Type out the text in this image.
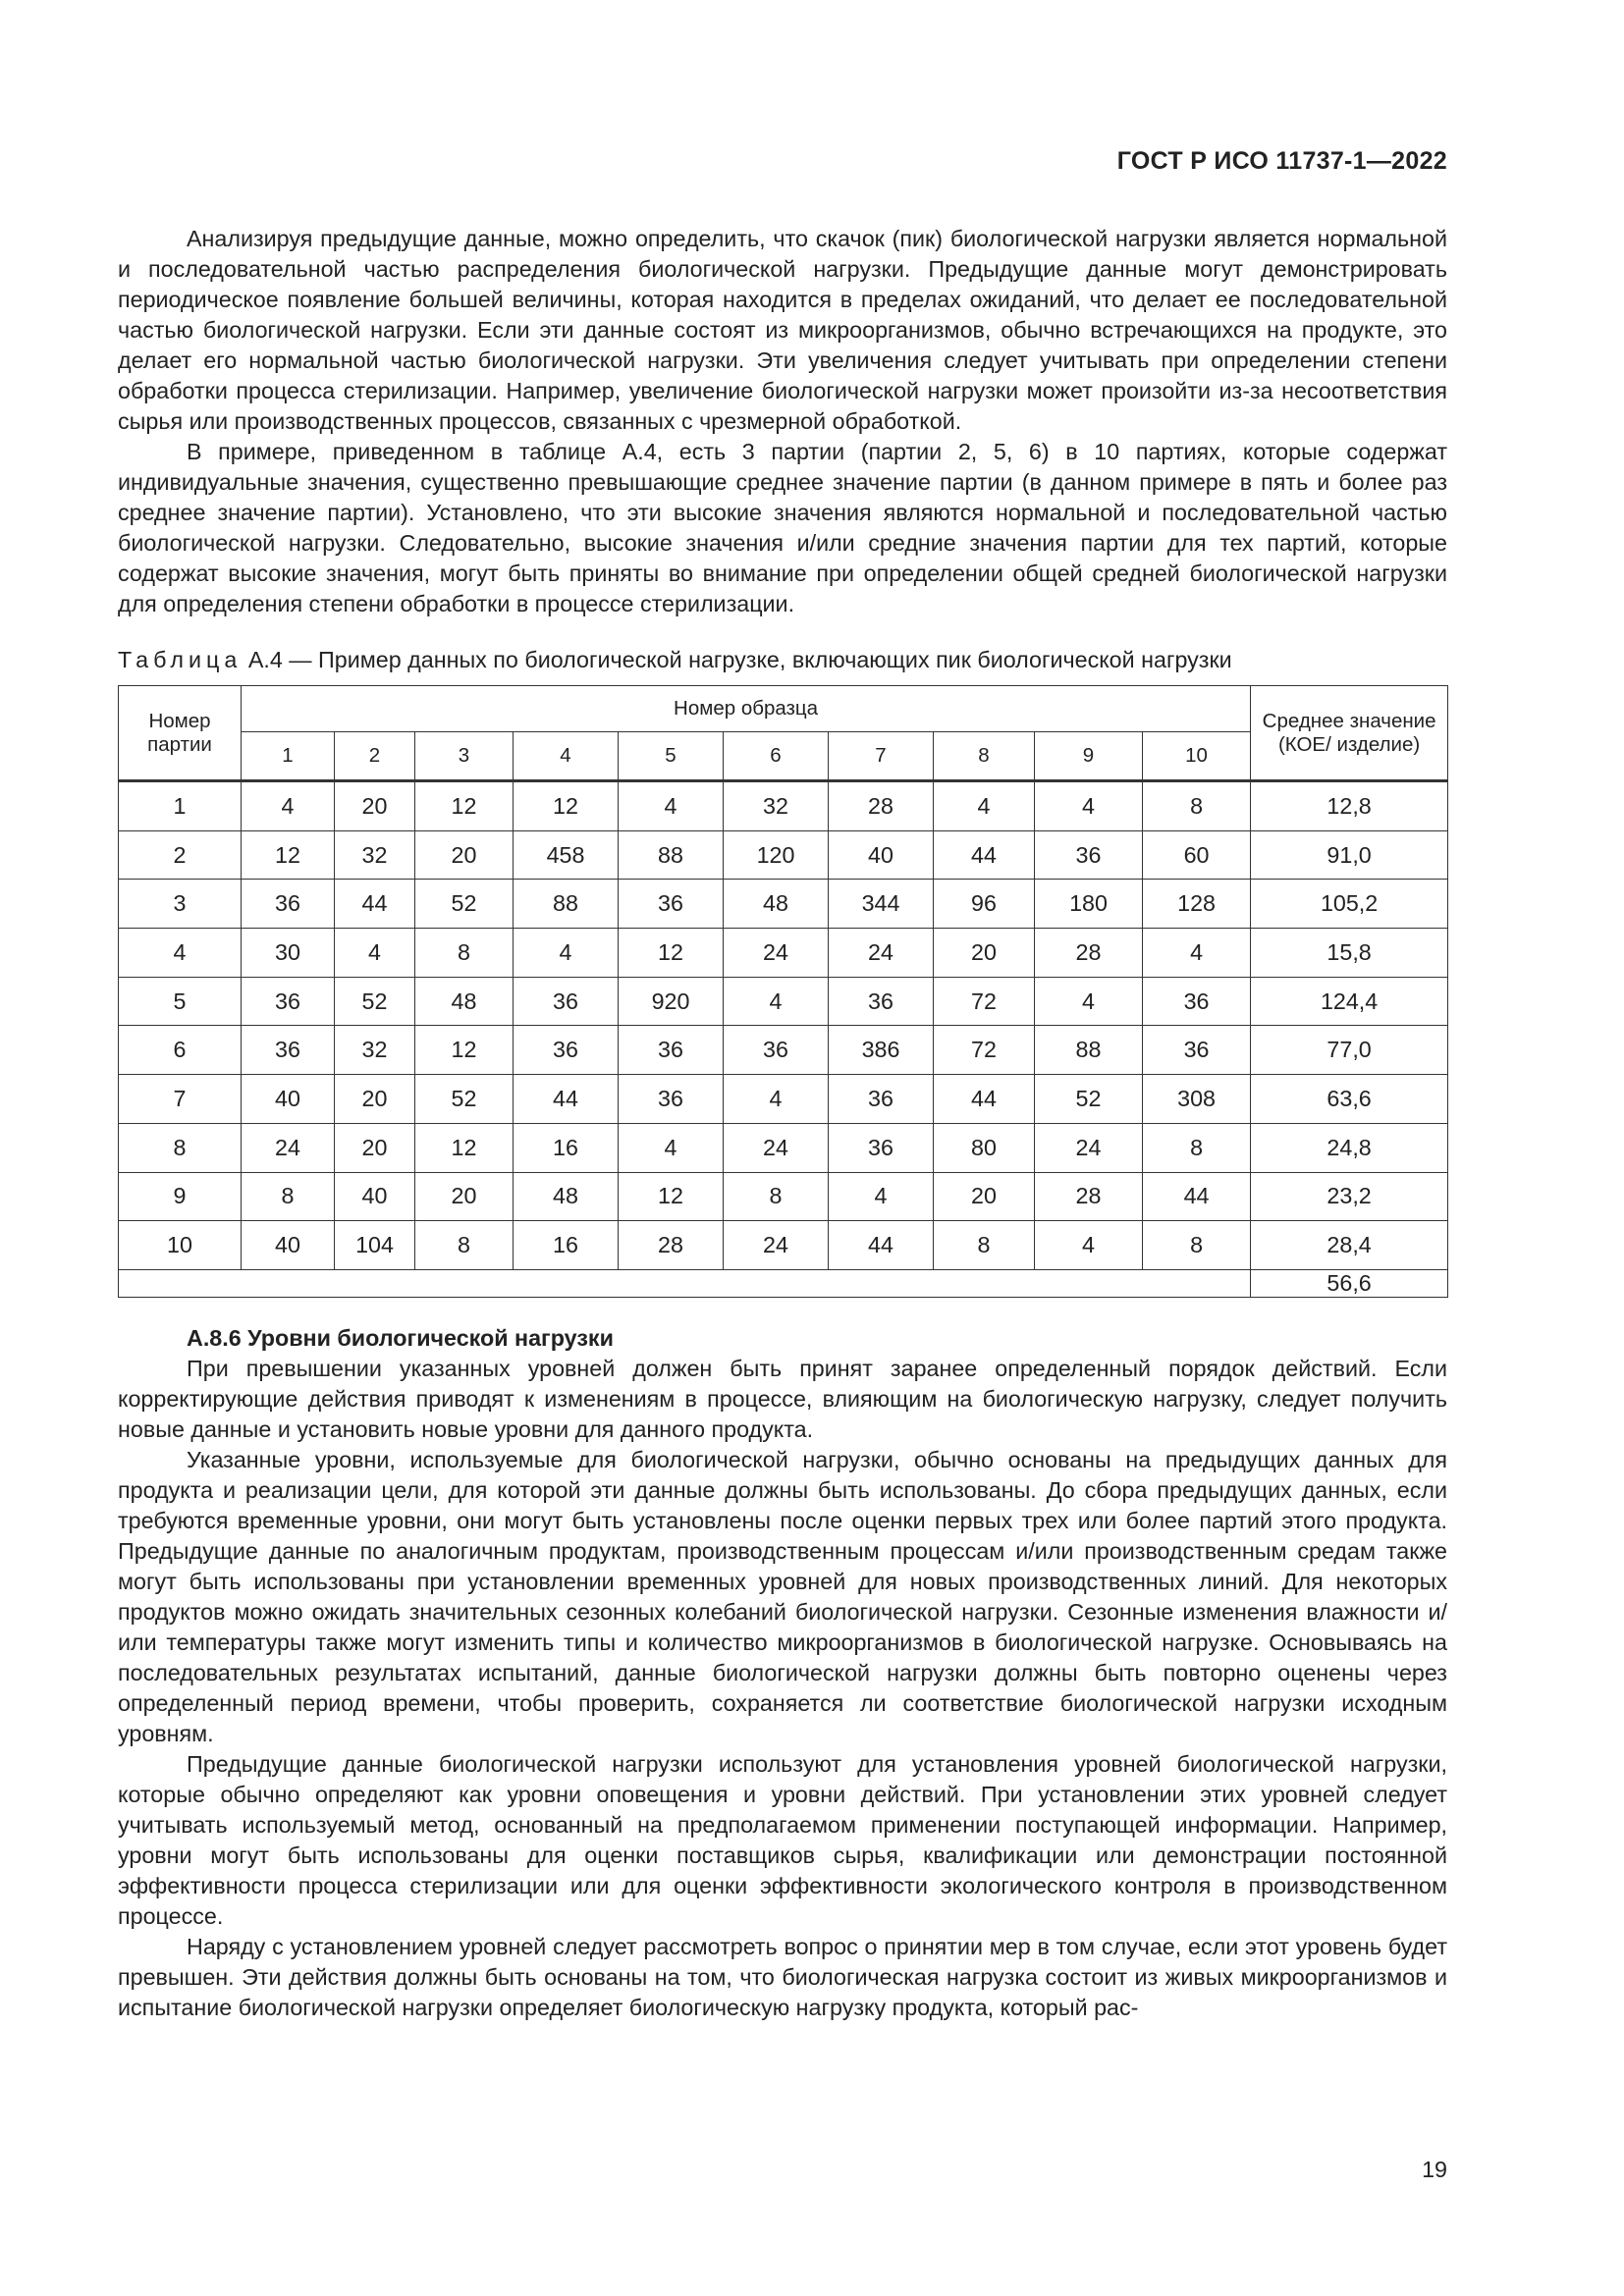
ГОСТ Р ИСО 11737-1—2022

Анализируя предыдущие данные, можно определить, что скачок (пик) биологической нагрузки является нормальной и последовательной частью распределения биологической нагрузки. Предыдущие данные могут демонстрировать периодическое появление большей величины, которая находится в пределах ожиданий, что делает ее последовательной частью биологической нагрузки. Если эти данные состоят из микроорганизмов, обычно встречающихся на продукте, это делает его нормальной частью биологической нагрузки. Эти увеличения следует учитывать при определении степени обработки процесса стерилизации. Например, увеличение биологической нагрузки может произойти из-за несоответствия сырья или производственных процессов, связанных с чрезмерной обработкой.

В примере, приведенном в таблице А.4, есть 3 партии (партии 2, 5, 6) в 10 партиях, которые содержат индивидуальные значения, существенно превышающие среднее значение партии (в данном примере в пять и более раз среднее значение партии). Установлено, что эти высокие значения являются нормальной и последовательной частью биологической нагрузки. Следовательно, высокие значения и/или средние значения партии для тех партий, которые содержат высокие значения, могут быть приняты во внимание при определении общей средней биологической нагрузки для определения степени обработки в процессе стерилизации.

Таблица А.4 — Пример данных по биологической нагрузке, включающих пик биологической нагрузки
Номер партии	Номер образца										Среднее значение (КОЕ/ изделие)
	1	2	3	4	5	6	7	8	9	10	
1	4	20	12	12	4	32	28	4	4	8	12,8
2	12	32	20	458	88	120	40	44	36	60	91,0
3	36	44	52	88	36	48	344	96	180	128	105,2
4	30	4	8	4	12	24	24	20	28	4	15,8
5	36	52	48	36	920	4	36	72	4	36	124,4
6	36	32	12	36	36	36	386	72	88	36	77,0
7	40	20	52	44	36	4	36	44	52	308	63,6
8	24	20	12	16	4	24	36	80	24	8	24,8
9	8	40	20	48	12	8	4	20	28	44	23,2
10	40	104	8	16	28	24	44	8	4	8	28,4
											56,6
А.8.6 Уровни биологической нагрузки

При превышении указанных уровней должен быть принят заранее определенный порядок действий. Если корректирующие действия приводят к изменениям в процессе, влияющим на биологическую нагрузку, следует получить новые данные и установить новые уровни для данного продукта.

Указанные уровни, используемые для биологической нагрузки, обычно основаны на предыдущих данных для продукта и реализации цели, для которой эти данные должны быть использованы. До сбора предыдущих данных, если требуются временные уровни, они могут быть установлены после оценки первых трех или более партий этого продукта. Предыдущие данные по аналогичным продуктам, производственным процессам и/или производственным средам также могут быть использованы при установлении временных уровней для новых производственных линий. Для некоторых продуктов можно ожидать значительных сезонных колебаний биологической нагрузки. Сезонные изменения влажности и/или температуры также могут изменить типы и количество микроорганизмов в биологической нагрузке. Основываясь на последовательных результатах испытаний, данные биологической нагрузки должны быть повторно оценены через определенный период времени, чтобы проверить, сохраняется ли соответствие биологической нагрузки исходным уровням.

Предыдущие данные биологической нагрузки используют для установления уровней биологической нагрузки, которые обычно определяют как уровни оповещения и уровни действий. При установлении этих уровней следует учитывать используемый метод, основанный на предполагаемом применении поступающей информации. Например, уровни могут быть использованы для оценки поставщиков сырья, квалификации или демонстрации постоянной эффективности процесса стерилизации или для оценки эффективности экологического контроля в производственном процессе.

Наряду с установлением уровней следует рассмотреть вопрос о принятии мер в том случае, если этот уровень будет превышен. Эти действия должны быть основаны на том, что биологическая нагрузка состоит из живых микроорганизмов и испытание биологической нагрузки определяет биологическую нагрузку продукта, который рас-

19
